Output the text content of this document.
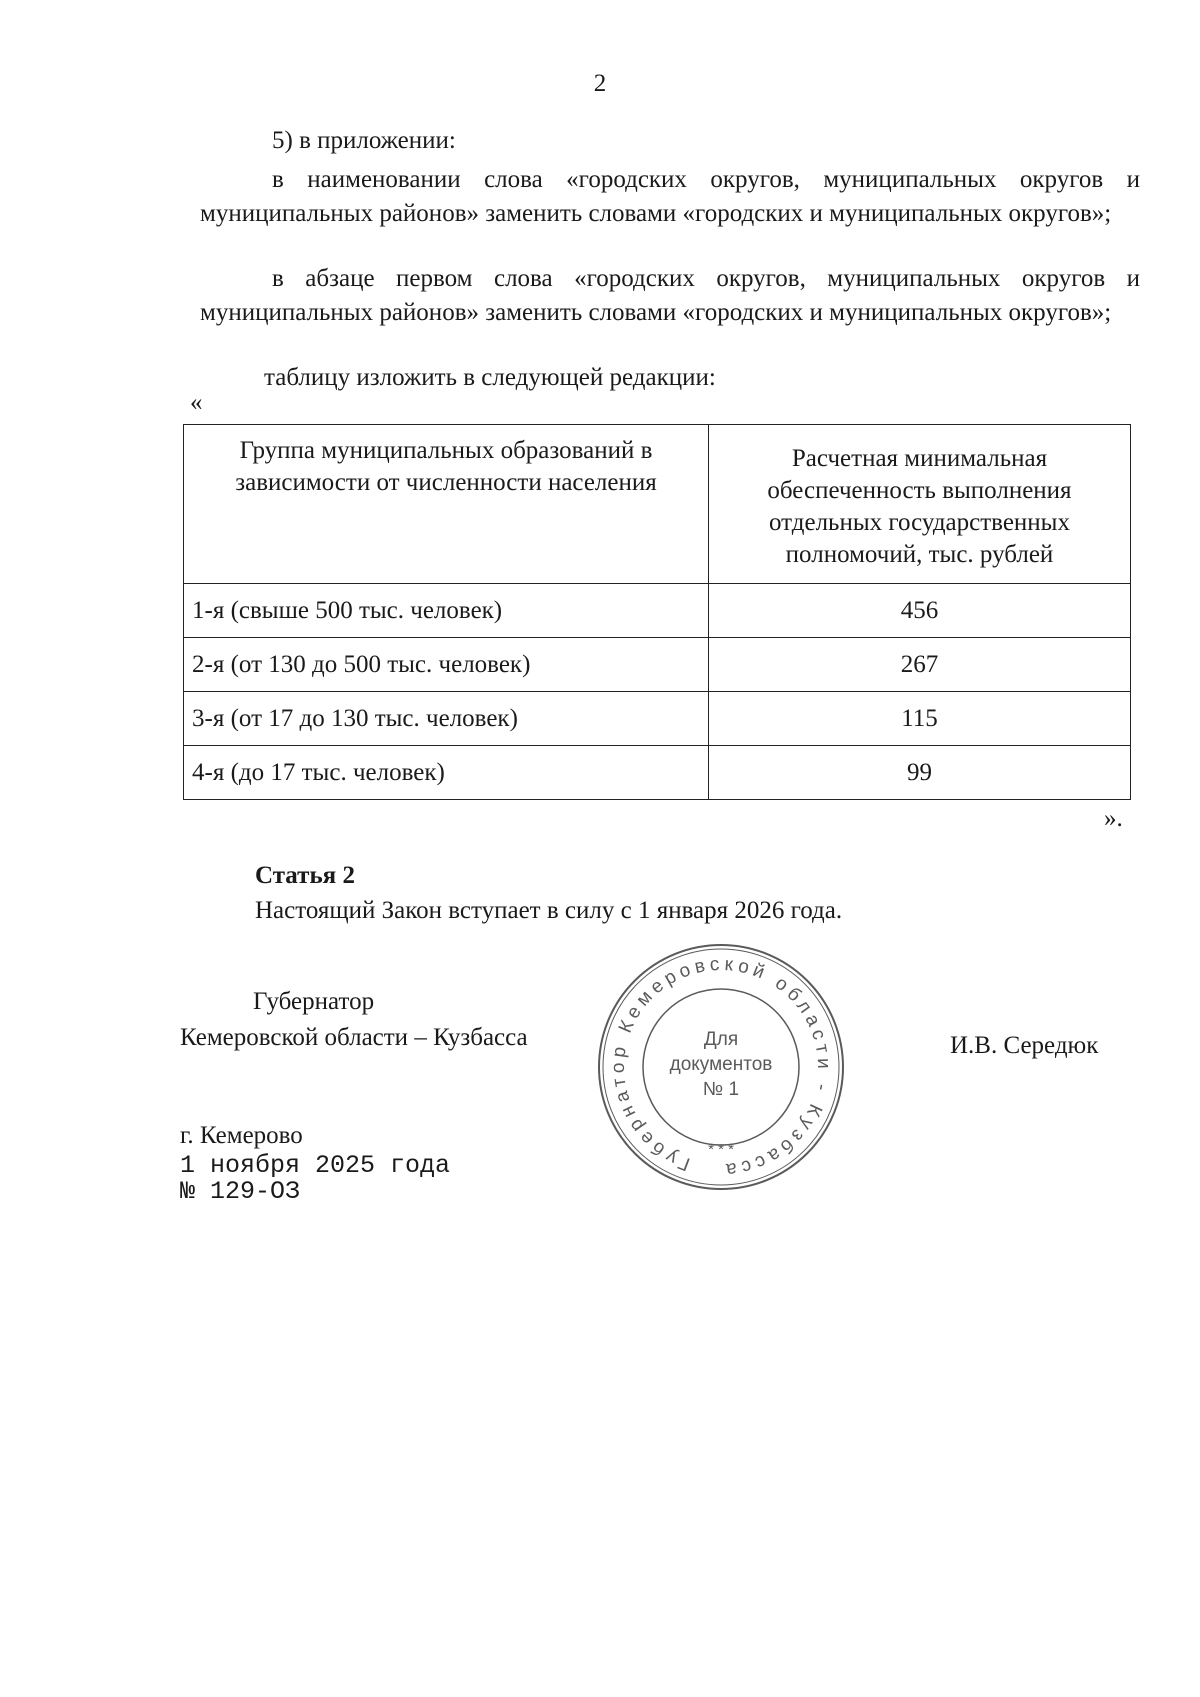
2
5) в приложении:
в наименовании слова «городских округов, муниципальных округов и муниципальных районов» заменить словами «городских и муниципальных округов»;
в абзаце первом слова «городских округов, муниципальных округов и муниципальных районов» заменить словами «городских и муниципальных округов»;
таблицу изложить в следующей редакции:
«
Группа муниципальных образований в зависимости от численности населения	Расчетная минимальная обеспеченность выполнения отдельных государственных полномочий, тыс. рублей
1-я (свыше 500 тыс. человек)	456
2-я (от 130 до 500 тыс. человек)	267
3-я (от 17 до 130 тыс. человек)	115
4-я (до 17 тыс. человек)	99
».
Статья 2
Настоящий Закон вступает в силу с 1 января 2026 года.
Губернатор
Кемеровской области – Кузбасса	И.В. Середюк
Губернатор Кемеровской области - Кузбасса
Для
документов
№ 1
* * *
г. Кемерово
1 ноября 2025 года
№ 129-ОЗ
